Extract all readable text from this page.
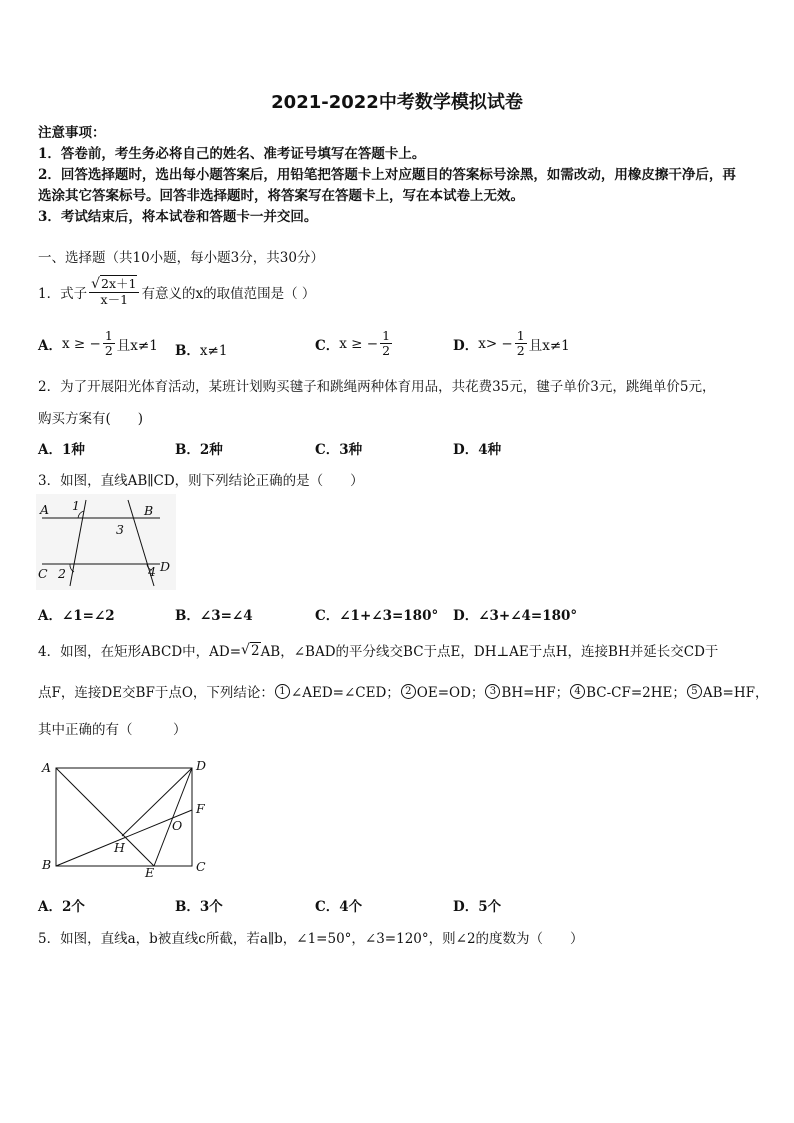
2021-2022中考数学模拟试卷
注意事项：
1．答卷前，考生务必将自己的姓名、准考证号填写在答题卡上。
2．回答选择题时，选出每小题答案后，用铅笔把答题卡上对应题目的答案标号涂黑，如需改动，用橡皮擦干净后，再
选涂其它答案标号。回答非选择题时，将答案写在答题卡上，写在本试卷上无效。
3．考试结束后，将本试卷和答题卡一并交回。
一、选择题（共10小题，每小题3分，共30分）
1．式子 $\frac{√2x+1}{x-1}$ 有意义的x的取值范围是（ ）
A． x ≥ − $\frac{1}{2}$ 且x≠1 B．x≠1	C． x ≥ − $\frac{1}{2}$	D． $x> - \frac{1}{2}$ 且x≠1
2．为了开展阳光体育活动，某班计划购买毽子和跳绳两种体育用品，共花费35元，毽子单价3元，跳绳单价5元，
购买方案有(　　)
A．1种	B．2种	C．3种	D．4种
3．如图，直线AB∥CD，则下列结论正确的是（　　）
A	B
C	D
1
2
3
4
A．∠1=∠2	B．∠3=∠4	C．∠1+∠3=180° D．∠3+∠4=180°
4．如图，在矩形ABCD中，AD= √ 2 AB，∠BAD的平分线交BC于点E，DH⊥AE于点H，连接BH并延长交CD于
点F，连接DE交BF于点O，下列结论： 1 ∠AED=∠CED； 2 OE=OD； 3 BH=HF； 4 BC-CF=2HE； 5 AB=HF，
其中正确的有（　　　）
A	D
F
O
H
B
E	C
A．2个	B．3个	C．4个	D．5个
5．如图，直线a，b被直线c所截，若a∥b，∠1=50°，∠3=120°，则∠2的度数为（　　）
